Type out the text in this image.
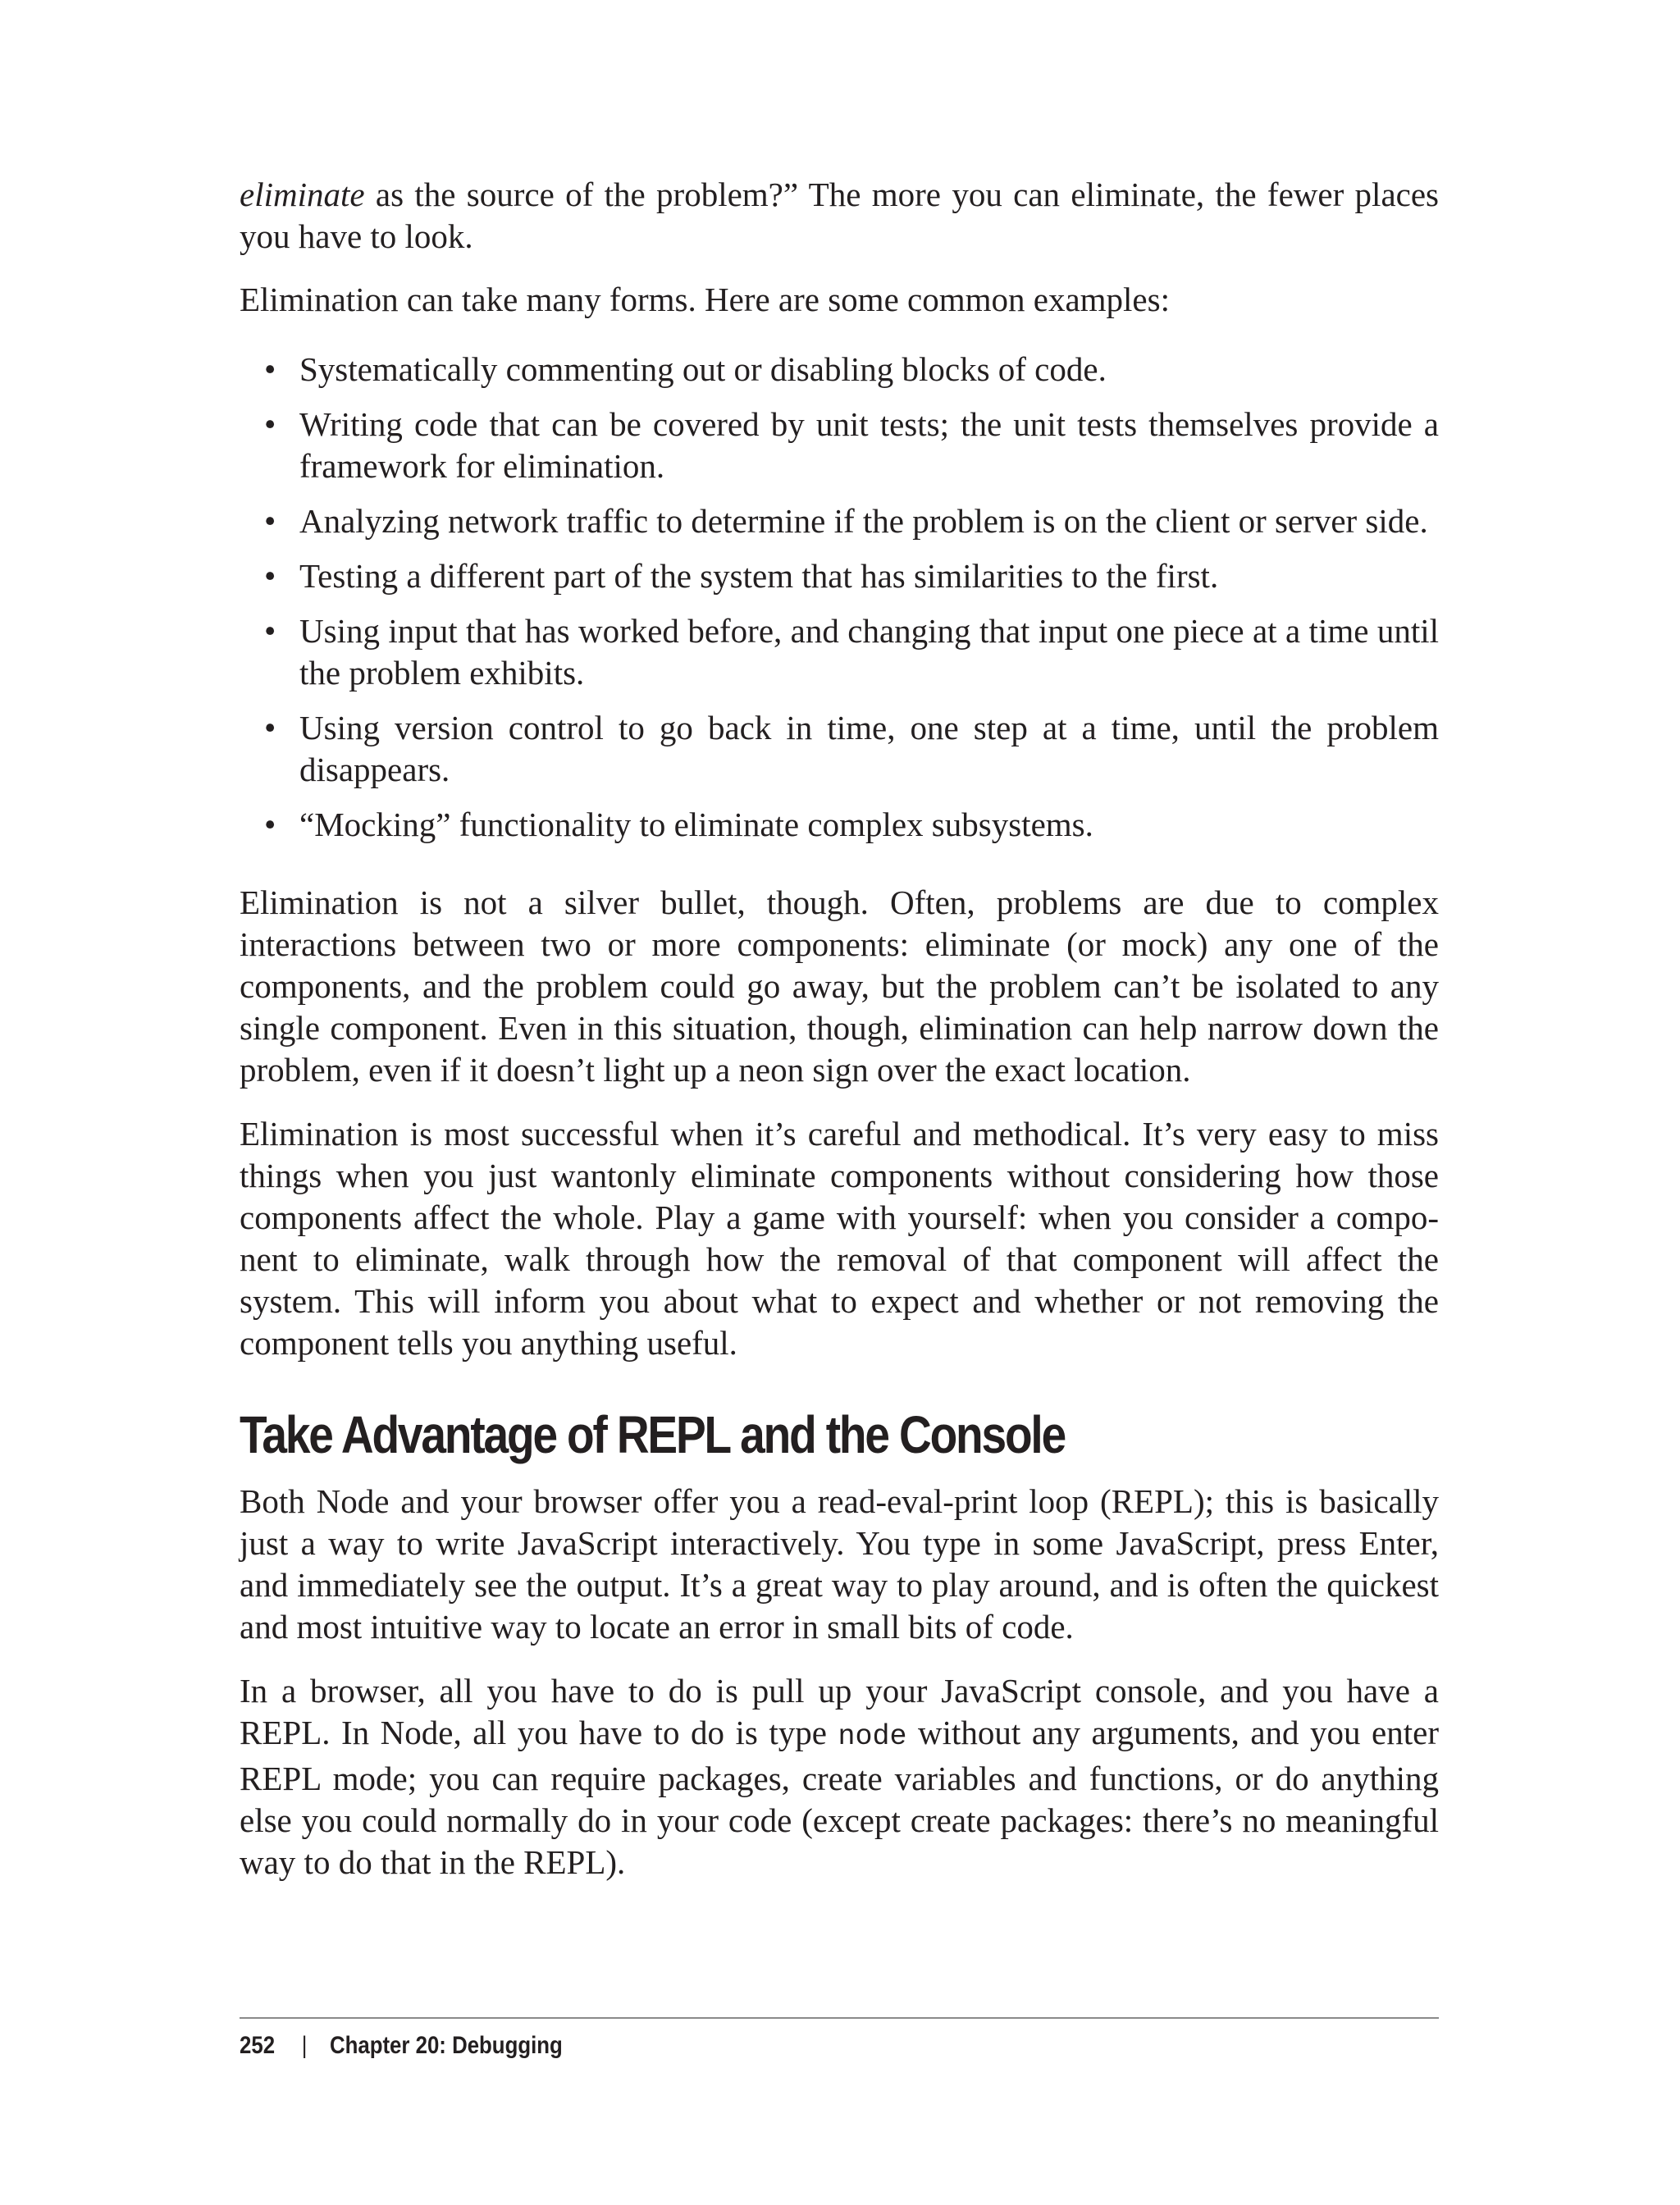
eliminate as the source of the problem?” The more you can eliminate, the fewer places you have to look.

Elimination can take many forms. Here are some common examples:

• Systematically commenting out or disabling blocks of code.
• Writing code that can be covered by unit tests; the unit tests themselves provide a framework for elimination.
• Analyzing network traffic to determine if the problem is on the client or server side.
• Testing a different part of the system that has similarities to the first.
• Using input that has worked before, and changing that input one piece at a time until the problem exhibits.
• Using version control to go back in time, one step at a time, until the problem disappears.
• “Mocking” functionality to eliminate complex subsystems.

Elimination is not a silver bullet, though. Often, problems are due to complex interactions between two or more components: eliminate (or mock) any one of the components, and the problem could go away, but the problem can’t be isolated to any single component. Even in this situation, though, elimination can help narrow down the problem, even if it doesn’t light up a neon sign over the exact location.

Elimination is most successful when it’s careful and methodical. It’s very easy to miss things when you just wantonly eliminate components without considering how those components affect the whole. Play a game with yourself: when you consider a component to eliminate, walk through how the removal of that component will affect the system. This will inform you about what to expect and whether or not removing the component tells you anything useful.

Take Advantage of REPL and the Console

Both Node and your browser offer you a read-eval-print loop (REPL); this is basically just a way to write JavaScript interactively. You type in some JavaScript, press Enter, and immediately see the output. It’s a great way to play around, and is often the quickest and most intuitive way to locate an error in small bits of code.

In a browser, all you have to do is pull up your JavaScript console, and you have a REPL. In Node, all you have to do is type node without any arguments, and you enter REPL mode; you can require packages, create variables and functions, or do anything else you could normally do in your code (except create packages: there’s no meaningful way to do that in the REPL).

252 | Chapter 20: Debugging
